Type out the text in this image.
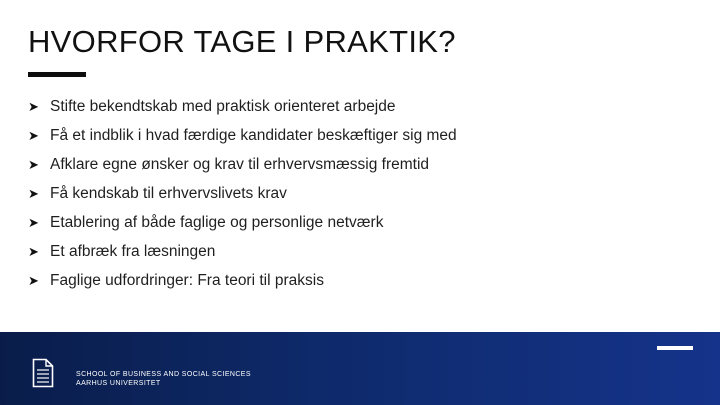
HVORFOR TAGE I PRAKTIK?
➤ Stifte bekendtskab med praktisk orienteret arbejde
➤ Få et indblik i hvad færdige kandidater beskæftiger sig med
➤ Afklare egne ønsker og krav til erhvervsmæssig fremtid
➤ Få kendskab til erhvervslivets krav
➤ Etablering af både faglige og personlige netværk
➤ Et afbræk fra læsningen
➤ Faglige udfordringer: Fra teori til praksis
SCHOOL OF BUSINESS AND SOCIAL SCIENCES
AARHUS UNIVERSITET
